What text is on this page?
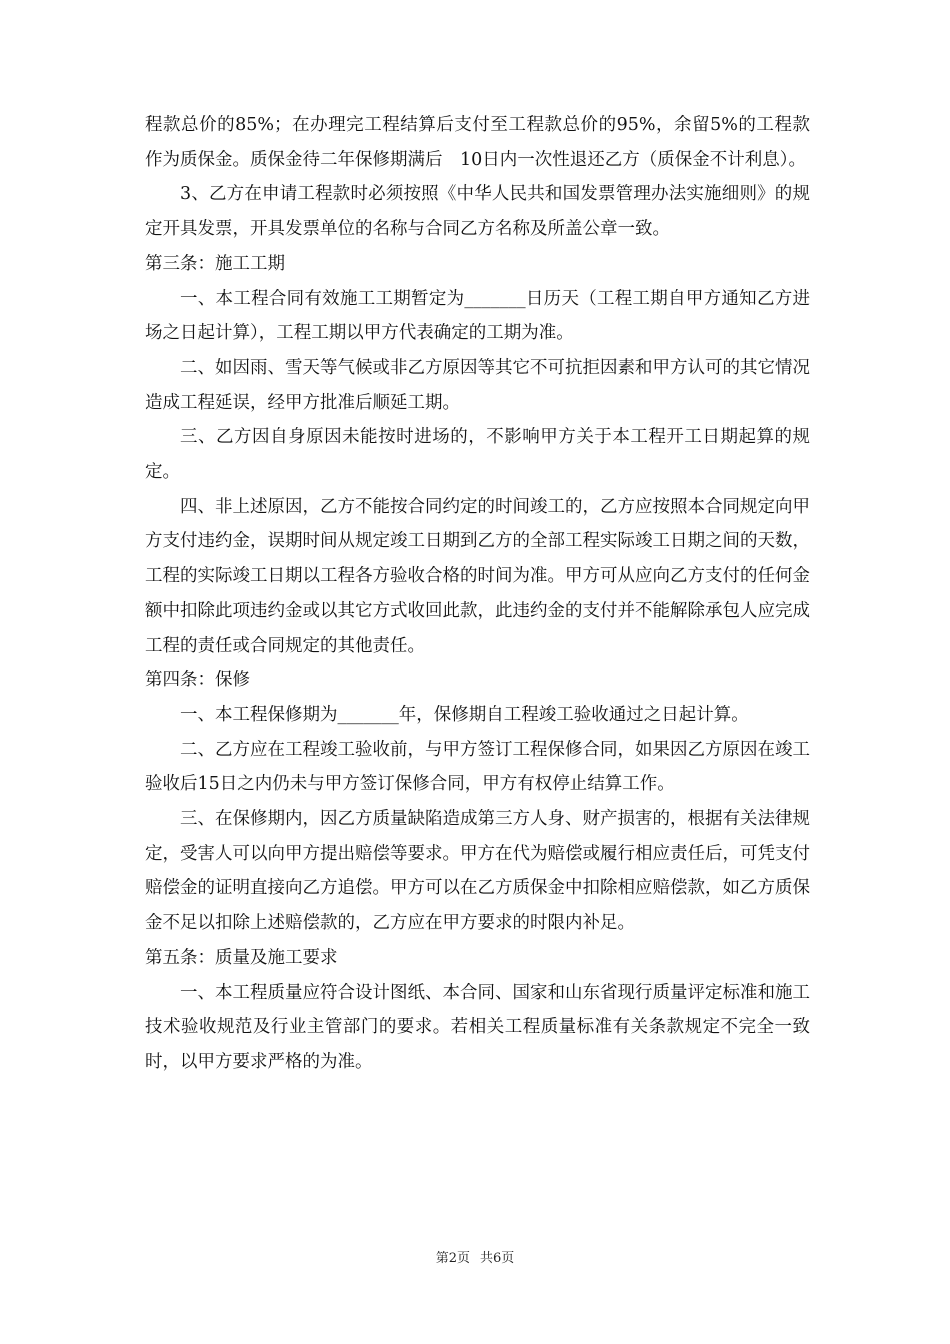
程款总价的85%；在办理完工程结算后支付至工程款总价的95%，余留5%的工程款作为质保金。质保金待二年保修期满后　10日内一次性退还乙方（质保金不计利息）。

3、乙方在申请工程款时必须按照《中华人民共和国发票管理办法实施细则》的规定开具发票，开具发票单位的名称与合同乙方名称及所盖公章一致。

第三条：施工工期

一、本工程合同有效施工工期暂定为_______日历天（工程工期自甲方通知乙方进场之日起计算），工程工期以甲方代表确定的工期为准。

二、如因雨、雪天等气候或非乙方原因等其它不可抗拒因素和甲方认可的其它情况造成工程延误，经甲方批准后顺延工期。

三、乙方因自身原因未能按时进场的，不影响甲方关于本工程开工日期起算的规定。

四、非上述原因，乙方不能按合同约定的时间竣工的，乙方应按照本合同规定向甲方支付违约金，误期时间从规定竣工日期到乙方的全部工程实际竣工日期之间的天数，工程的实际竣工日期以工程各方验收合格的时间为准。甲方可从应向乙方支付的任何金额中扣除此项违约金或以其它方式收回此款，此违约金的支付并不能解除承包人应完成工程的责任或合同规定的其他责任。

第四条：保修

一、本工程保修期为_______年，保修期自工程竣工验收通过之日起计算。

二、乙方应在工程竣工验收前，与甲方签订工程保修合同，如果因乙方原因在竣工验收后15日之内仍未与甲方签订保修合同，甲方有权停止结算工作。

三、在保修期内，因乙方质量缺陷造成第三方人身、财产损害的，根据有关法律规定，受害人可以向甲方提出赔偿等要求。甲方在代为赔偿或履行相应责任后，可凭支付赔偿金的证明直接向乙方追偿。甲方可以在乙方质保金中扣除相应赔偿款，如乙方质保金不足以扣除上述赔偿款的，乙方应在甲方要求的时限内补足。

第五条：质量及施工要求

一、本工程质量应符合设计图纸、本合同、国家和山东省现行质量评定标准和施工技术验收规范及行业主管部门的要求。若相关工程质量标准有关条款规定不完全一致时，以甲方要求严格的为准。

第2页 共6页
